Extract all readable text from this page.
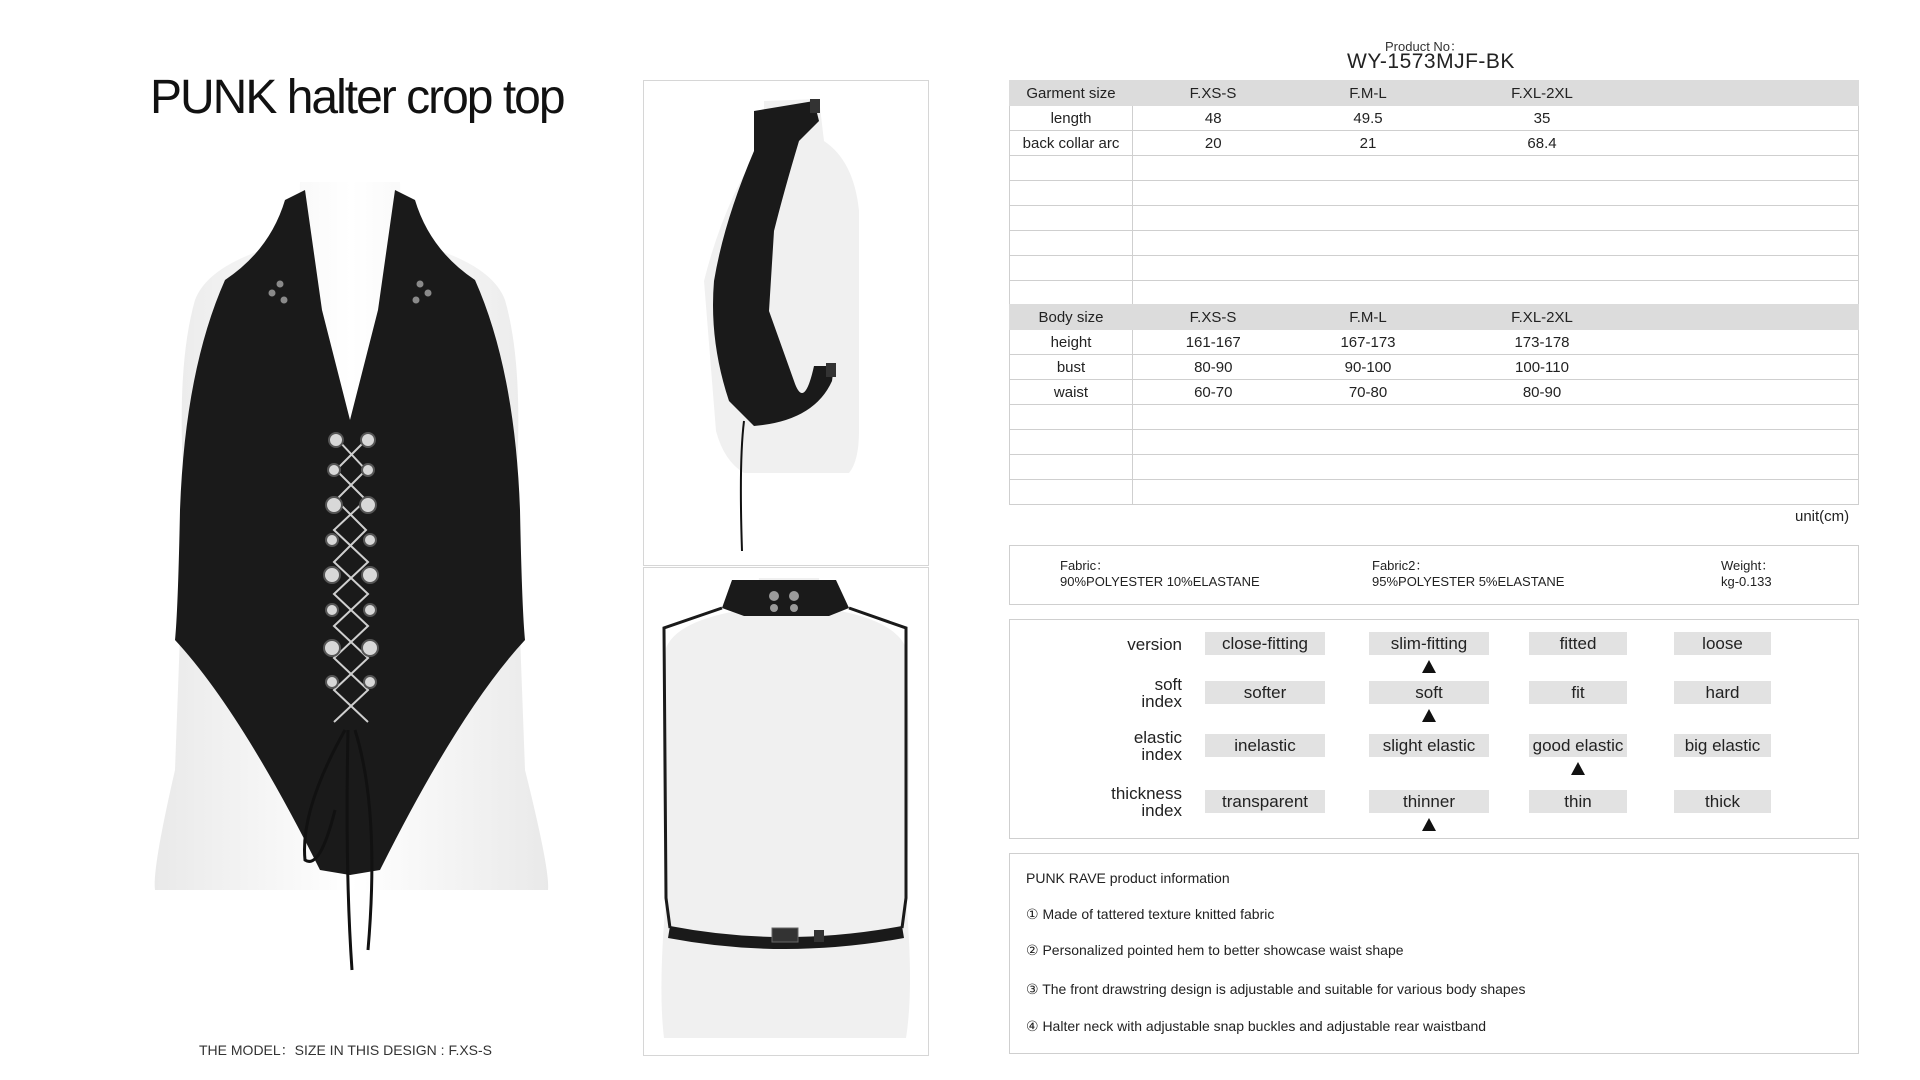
PUNK halter crop top
THE MODEL：SIZE IN THIS DESIGN : F.XS-S
Product No：
WY-1573MJF-BK
Garment size	F.XS-S	F.M-L	F.XL-2XL	
length	48	49.5	35	
back collar arc	20	21	68.4	

Body size	F.XS-S	F.M-L	F.XL-2XL	
height	161-167	167-173	173-178	
bust	80-90	90-100	100-110	
waist	60-70	70-80	80-90	

unit(cm)
Fabric：
90%POLYESTER 10%ELASTANE
Fabric2：
95%POLYESTER 5%ELASTANE
Weight：
kg-0.133
version	close-fitting	slim-fitting	fitted	loose
soft
index	softer	soft	fit	hard
elastic
index	inelastic	slight elastic	good elastic	big elastic
thickness
index	transparent	thinner	thin	thick
PUNK RAVE product information
① Made of tattered texture knitted fabric
② Personalized pointed hem to better showcase waist shape
③ The front drawstring design is adjustable and suitable for various body shapes
④ Halter neck with adjustable snap buckles and adjustable rear waistband
